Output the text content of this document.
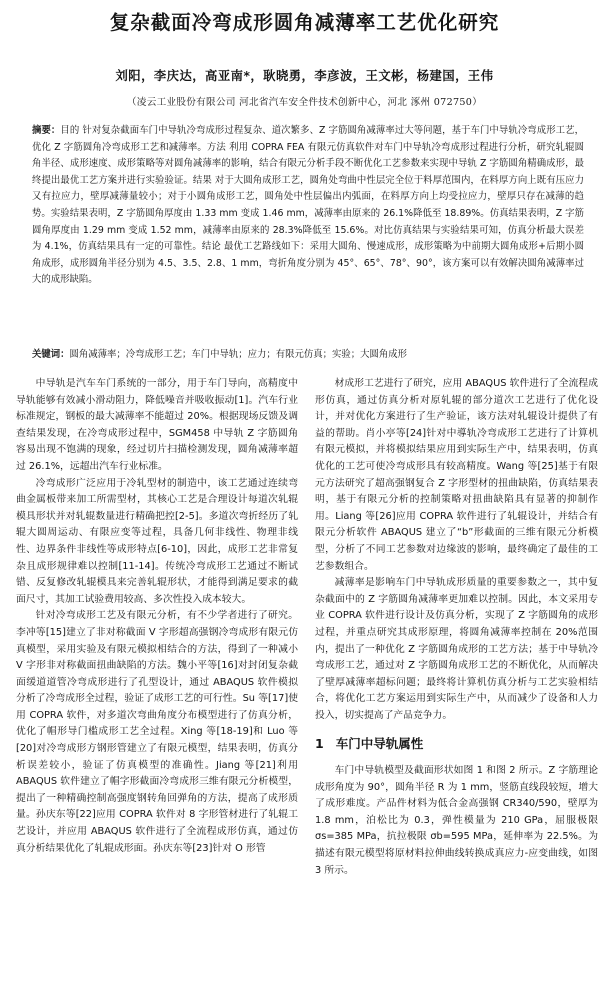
复杂截面冷弯成形圆角减薄率工艺优化研究
刘阳，李庆达，高亚南*，耿晓勇，李彦波，王文彬，杨建国，王伟
（凌云工业股份有限公司 河北省汽车安全件技术创新中心，河北 涿州 072750）

摘要：目的 针对复杂截面车门中导轨冷弯成形过程复杂、道次繁多、Z 字筋圆角减薄率过大等问题，基于车门中导轨冷弯成形工艺，优化 Z 字筋圆角冷弯成形工艺和减薄率。方法 利用 COPRA FEA 有限元仿真软件对车门中导轨冷弯成形过程进行分析，研究轧辊圆角半径、成形速度、成形策略等对圆角减薄率的影响，结合有限元分析手段不断优化工艺参数来实现中导轨 Z 字筋圆角精确成形，最终提出最优工艺方案并进行实验验证。结果 对于大圆角成形工艺，圆角处弯曲中性层完全位于料厚范围内，在料厚方向上既有压应力又有拉应力，壁厚减薄量较小；对于小圆角成形工艺，圆角处中性层偏出内弧面，在料厚方向上均受拉应力，壁厚只存在减薄的趋势。实验结果表明，Z 字筋圆角厚度由 1.33 mm 变成 1.46 mm，减薄率由原来的 26.1%降低至 18.89%。仿真结果表明，Z 字筋圆角厚度由 1.29 mm 变成 1.52 mm，减薄率由原来的 28.3%降低至 15.6%。对比仿真结果与实验结果可知，仿真分析最大误差为 4.1%，仿真结果具有一定的可靠性。结论 最优工艺路线如下：采用大圆角、慢速成形，成形策略为中前期大圆角成形+后期小圆角成形，成形圆角半径分别为 4.5、3.5、2.8、1 mm，弯折角度分别为 45°、65°、78°、90°，该方案可以有效解决圆角减薄率过大的成形缺陷。

关键词：圆角减薄率；冷弯成形工艺；车门中导轨；应力；有限元仿真；实验；大圆角成形

中导轨是汽车车门系统的一部分，用于车门导向，高精度中导轨能够有效减小滑动阻力，降低噪音并吸收振动[1]。汽车行业标准规定，钢板的最大减薄率不能超过 20%。根据现场反馈及调查结果发现，在冷弯成形过程中，SGM458 中导轨 Z 字筋圆角容易出现不饱满的现象，经过切片扫描检测发现，圆角减薄率超过 26.1%，远超出汽车行业标准。

冷弯成形广泛应用于冷轧型材的制造中，该工艺通过连续弯曲金属板带来加工所需型材，其核心工艺是合理设计每道次轧辊模具形状并对轧辊数量进行精确把控[2-5]。多道次弯折经历了轧辊大圆周运动、有限应变等过程，具备几何非线性、物理非线性、边界条件非线性等成形特点[6-10]，因此，成形工艺非常复杂且成形规律难以控制[11-14]。传统冷弯成形工艺通过不断试错、反复修改轧辊模具来完善轧辊形状，才能得到满足要求的截面尺寸，其加工试验费用较高、多次性投入成本较大。

针对冷弯成形工艺及有限元分析，有不少学者进行了研究。李冲等[15]建立了非对称截面 V 字形超高强钢冷弯成形有限元仿真模型，采用实验及有限元模拟相结合的方法，得到了一种减小 V 字形非对称截面扭曲缺陷的方法。魏小平等[16]对封闭复杂截面缓道道管冷弯成形进行了孔型设计，通过 ABAQUS 软件模拟分析了冷弯成形全过程，验证了成形工艺的可行性。Su 等[17]使用 COPRA 软件，对多道次弯曲角度分布模型进行了仿真分析，优化了帽形导门槛成形工艺全过程。Xing 等[18-19]和 Luo 等[20]对冷弯成形方钢形管建立了有限元模型，结果表明，仿真分析误差较小，验证了仿真模型的准确性。Jiang 等[21]利用 ABAQUS 软件建立了帽字形截面冷弯成形三维有限元分析模型，提出了一种精确控制高强度钢转角回弹角的方法，提高了成形质量。孙庆东等[22]应用 COPRA 软件对 8 字形管材进行了轧辊工艺设计，并应用 ABAQUS 软件进行了全流程成形仿真，通过仿真分析结果优化了轧辊成形面。孙庆东等[23]针对 O 形管

材成形工艺进行了研究，应用 ABAQUS 软件进行了全流程成形仿真，通过仿真分析对原轧辊的部分道次工艺进行了优化设计，并对优化方案进行了生产验证，该方法对轧辊设计提供了有益的帮助。肖小亭等[24]针对中導轨冷弯成形工艺进行了计算机有限元模拟，并将模拟结果应用到实际生产中，结果表明，仿真优化的工艺可使冷弯成形具有较高精度。Wang 等[25]基于有限元方法研究了超高强钢复合 Z 字形型材的扭曲缺陷，仿真结果表明，基于有限元分析的控制策略对扭曲缺陷具有显著的抑制作用。Liang 等[26]应用 COPRA 软件进行了轧辊设计，并结合有限元分析软件 ABAQUS 建立了“b”形截面的三维有限元分析模型，分析了不同工艺参数对边缘波的影响，最终确定了最佳的工艺参数组合。

减薄率是影响车门中导轨成形质量的重要参数之一，其中复杂截面中的 Z 字筋圆角减薄率更加难以控制。因此，本文采用专业 COPRA 软件进行设计及仿真分析，实现了 Z 字筋圆角的成形过程，并重点研究其成形原理，将圆角减薄率控制在 20%范围内，提出了一种优化 Z 字筋圆角成形的工艺方法；基于中导轨冷弯成形工艺，通过对 Z 字筋圆角成形工艺的不断优化，从而解决了壁厚减薄率超标问题；最终将计算机仿真分析与工艺实验相结合，将优化工艺方案运用到实际生产中，从而减少了设备和人力投入，切实提高了产品竞争力。

1 车门中导轨属性

车门中导轨模型及截面形状如图 1 和图 2 所示。Z 字筋理论成形角度为 90°，圆角半径 R 为 1 mm，竖筋直线段较短，增大了成形难度。产品件材料为低合金高强钢 CR340/590，壁厚为 1.8 mm，泊松比为 0.3，弹性模量为 210 GPa，屈服极限 σs=385 MPa，抗拉极限 σb=595 MPa，延伸率为 22.5%。为描述有限元模型将原材料拉伸曲线转换成真应力-应变曲线，如图 3 所示。
